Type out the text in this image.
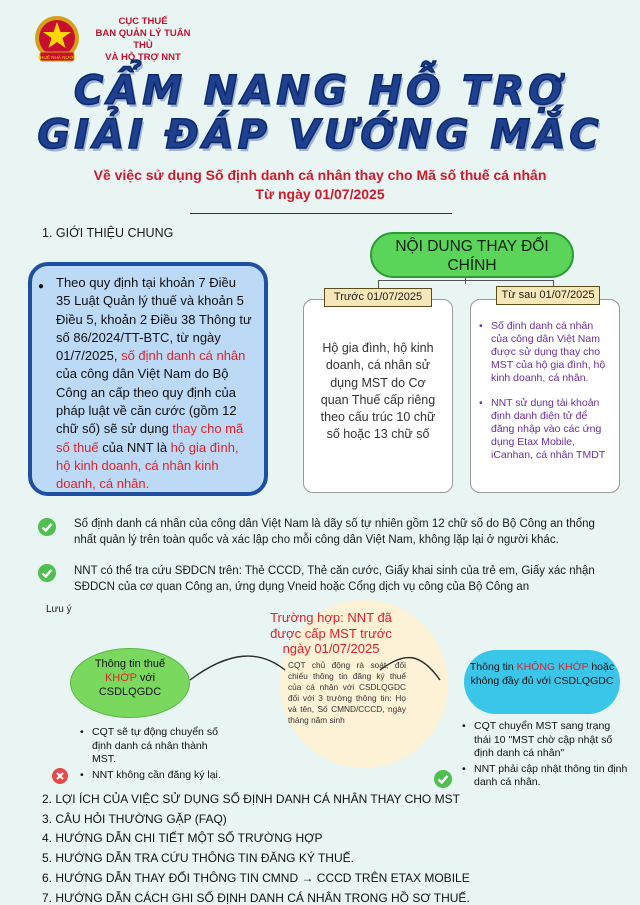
THUẾ NHÀ NƯỚC
CỤC THUẾ
BAN QUẢN LÝ TUÂN THỦ
VÀ HỖ TRỢ NNT
CẨM NANG HỖ TRỢ
GIẢI ĐÁP VƯỚNG MẮC
Về việc sử dụng Số định danh cá nhân thay cho Mã số thuế cá nhân
Từ ngày 01/07/2025
1. GIỚI THIỆU CHUNG
● Theo quy định tại khoản 7 Điều 35 Luật Quản lý thuế và khoản 5 Điều 5, khoản 2 Điều 38 Thông tư số 86/2024/TT-BTC, từ ngày 01/7/2025, số định danh cá nhân của công dân Việt Nam do Bộ Công an cấp theo quy định của pháp luật về căn cước (gồm 12 chữ số) sẽ sử dụng thay cho mã số thuế của NNT là hộ gia đình, hộ kinh doanh, cá nhân kinh doanh, cá nhân.
NỘI DUNG THAY ĐỔI CHÍNH
Hộ gia đình, hộ kinh doanh, cá nhân sử dụng MST do Cơ quan Thuế cấp riêng theo cấu trúc 10 chữ số hoặc 13 chữ số
• Số định danh cá nhân của công dân Việt Nam được sử dụng thay cho MST của hộ gia đình, hộ kinh doanh, cá nhân.
• NNT sử dụng tài khoản định danh điện tử để đăng nhập vào các ứng dụng Etax Mobile, iCanhan, cá nhân TMDT
Trước 01/07/2025	Từ sau 01/07/2025
Số định danh cá nhân của công dân Việt Nam là dãy số tự nhiên gồm 12 chữ số do Bộ Công an thống nhất quản lý trên toàn quốc và xác lập cho mỗi công dân Việt Nam, không lặp lại ở người khác.
NNT có thể tra cứu SĐDCN trên: Thẻ CCCD, Thẻ căn cước, Giấy khai sinh của trẻ em, Giấy xác nhận SĐDCN của cơ quan Công an, ứng dụng Vneid hoặc Cổng dịch vụ công của Bộ Công an
Lưu ý
Trường hợp: NNT đã được cấp MST trước ngày 01/07/2025
CQT chủ động rà soát, đối chiếu thông tin đăng ký thuế của cá nhân với CSDLQGDC đối với 3 trường thông tin: Họ và tên, Số CMND/CCCD, ngày tháng năm sinh
Thông tin thuế
KHỚP với
CSDLQGDC
• CQT sẽ tự động chuyển số định danh cá nhân thành MST.
• NNT không cần đăng ký lại.
Thông tin KHÔNG KHỚP hoặc không đầy đủ với CSDLQGDC
• CQT chuyển MST sang trạng thái 10 "MST chờ cập nhật số định danh cá nhân"
• NNT phải cập nhật thông tin định danh cá nhân.
2. LỢI ÍCH CỦA VIỆC SỬ DỤNG SỐ ĐỊNH DANH CÁ NHÂN THAY CHO MST
3. CÂU HỎI THƯỜNG GẶP (FAQ)
4. HƯỚNG DẪN CHI TIẾT MỘT SỐ TRƯỜNG HỢP
5. HƯỚNG DẪN TRA CỨU THÔNG TIN ĐĂNG KÝ THUẾ.
6. HƯỚNG DẪN THAY ĐỔI THÔNG TIN CMND → CCCD TRÊN ETAX MOBILE
7. HƯỚNG DẪN CÁCH GHI SỐ ĐỊNH DANH CÁ NHÂN TRONG HỒ SƠ THUẾ.
